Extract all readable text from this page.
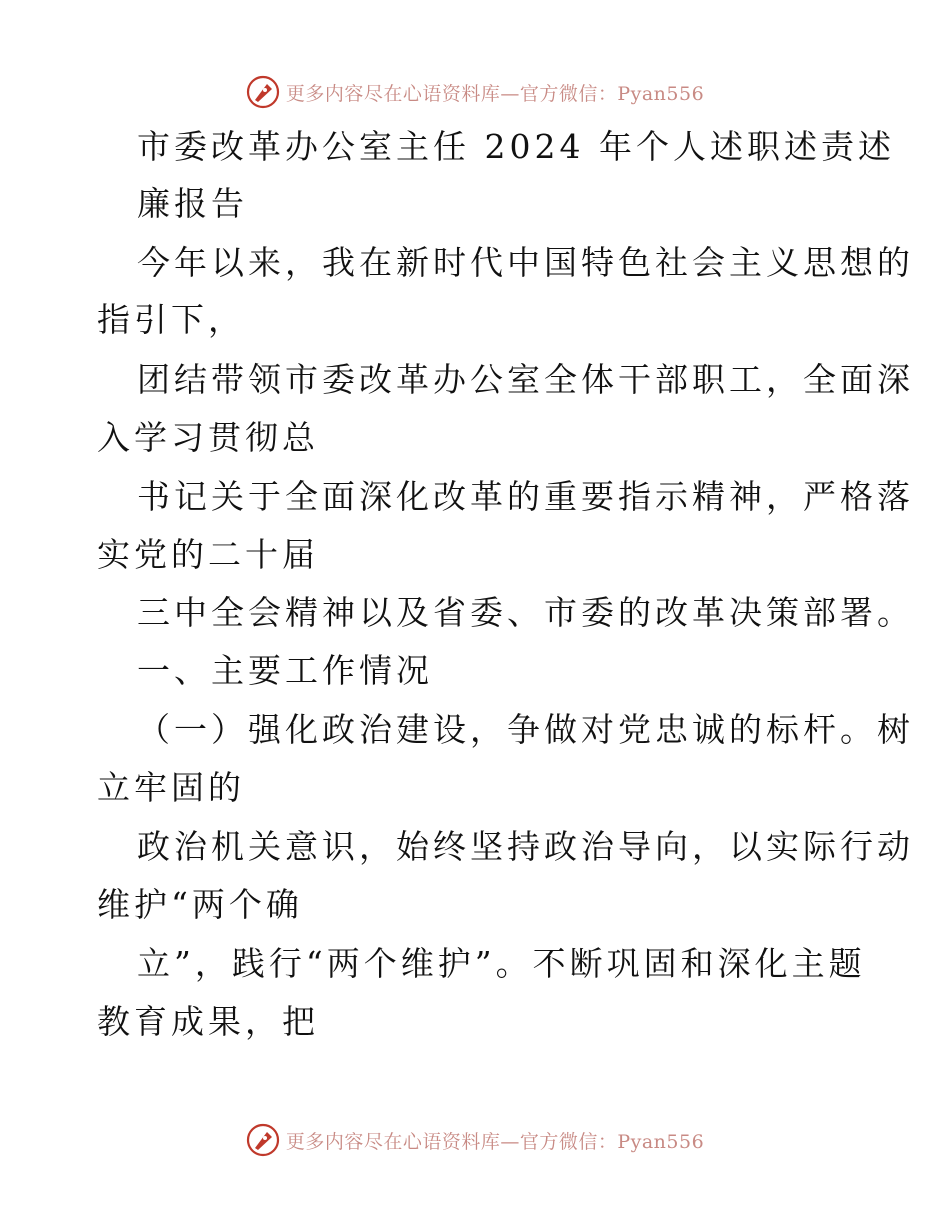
更多内容尽在心语资料库—官方微信：Pyan556
市委改革办公室主任 2024 年个人述职述责述
廉报告
今年以来，我在新时代中国特色社会主义思想的
指引下，
团结带领市委改革办公室全体干部职工，全面深
入学习贯彻总
书记关于全面深化改革的重要指示精神，严格落
实党的二十届
三中全会精神以及省委、市委的改革决策部署。
一、主要工作情况
（一）强化政治建设，争做对党忠诚的标杆。树
立牢固的
政治机关意识，始终坚持政治导向，以实际行动
维护“两个确
立”，践行“两个维护”。不断巩固和深化主题
教育成果，把
更多内容尽在心语资料库—官方微信：Pyan556
